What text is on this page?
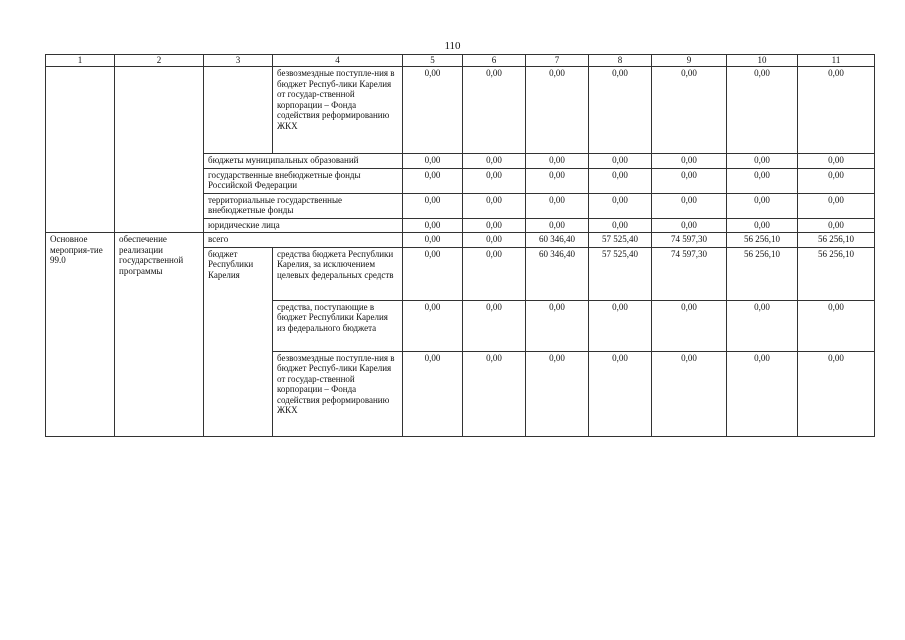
110
1	2	3	4	5	6	7	8	9	10	11
			безвозмездные поступле-ния в бюджет Респуб-лики Карелия от государ-ственной корпорации – Фонда содействия реформированию ЖКХ	0,00	0,00	0,00	0,00	0,00	0,00	0,00
		бюджеты муниципальных образований		0,00	0,00	0,00	0,00	0,00	0,00	0,00
		государственные внебюджетные фонды Российской Федерации		0,00	0,00	0,00	0,00	0,00	0,00	0,00
		территориальные государственные внебюджетные фонды		0,00	0,00	0,00	0,00	0,00	0,00	0,00
		юридические лица		0,00	0,00	0,00	0,00	0,00	0,00	0,00
Основное мероприя-тие 99.0	обеспечение реализации государственной программы	всего		0,00	0,00	60 346,40	57 525,40	74 597,30	56 256,10	56 256,10
		бюджет Республики Карелия	средства бюджета Республики Карелия, за исключением целевых федеральных средств	0,00	0,00	60 346,40	57 525,40	74 597,30	56 256,10	56 256,10
			средства, поступающие в бюджет Республики Карелия из федерального бюджета	0,00	0,00	0,00	0,00	0,00	0,00	0,00
			безвозмездные поступле-ния в бюджет Респуб-лики Карелия от государ-ственной корпорации – Фонда содействия реформированию ЖКХ	0,00	0,00	0,00	0,00	0,00	0,00	0,00
